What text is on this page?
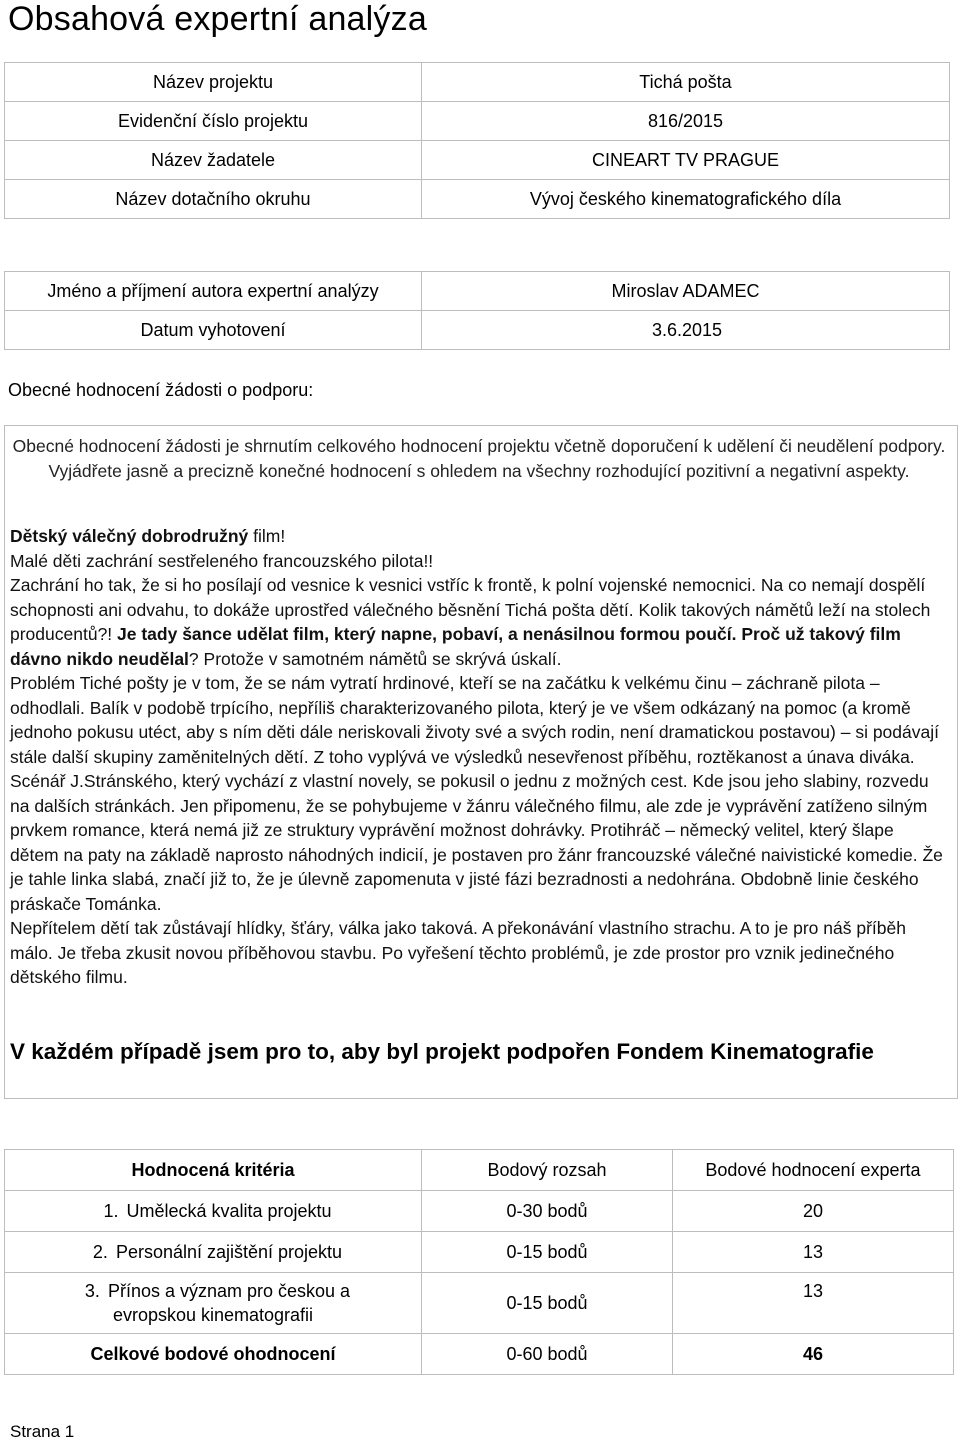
Obsahová expertní analýza
Název projektu	Tichá pošta
Evidenční číslo projektu	816/2015
Název žadatele	CINEART TV PRAGUE
Název dotačního okruhu	Vývoj českého kinematografického díla
Jméno a příjmení autora expertní analýzy	Miroslav ADAMEC
Datum vyhotovení	3.6.2015
Obecné hodnocení žádosti o podporu:
Obecné hodnocení žádosti je shrnutím celkového hodnocení projektu včetně doporučení k udělení či neudělení podpory. Vyjádřete jasně a precizně konečné hodnocení s ohledem na všechny rozhodující pozitivní a negativní aspekty.

Dětský válečný dobrodružný film!

Malé děti zachrání sestřeleného francouzského pilota!!

Zachrání ho tak, že si ho posílají od vesnice k vesnici vstříc k frontě, k polní vojenské nemocnici. Na co nemají dospělí schopnosti ani odvahu, to dokáže uprostřed válečného běsnění Tichá pošta dětí. Kolik takových námětů leží na stolech producentů?! Je tady šance udělat film, který napne, pobaví, a nenásilnou formou poučí. Proč už takový film dávno nikdo neudělal? Protože v samotném námětů se skrývá úskalí.

Problém Tiché pošty je v tom, že se nám vytratí hrdinové, kteří se na začátku k velkému činu – záchraně pilota – odhodlali. Balík v podobě trpícího, nepříliš charakterizovaného pilota, který je ve všem odkázaný na pomoc (a kromě jednoho pokusu utéct, aby s ním děti dále neriskovali životy své a svých rodin, není dramatickou postavou) – si podávají stále další skupiny zaměnitelných dětí. Z toho vyplývá ve výsledků nesevřenost příběhu, roztěkanost a únava diváka.

Scénář J.Stránského, který vychází z vlastní novely, se pokusil o jednu z možných cest. Kde jsou jeho slabiny, rozvedu na dalších stránkách. Jen připomenu, že se pohybujeme v žánru válečného filmu, ale zde je vyprávění zatíženo silným prvkem romance, která nemá již ze struktury vyprávění možnost dohrávky. Protihráč – německý velitel, který šlape dětem na paty na základě naprosto náhodných indicií, je postaven pro žánr francouzské válečné naivistické komedie. Že je tahle linka slabá, značí již to, že je úlevně zapomenuta v jisté fázi bezradnosti a nedohrána. Obdobně linie českého práskače Tománka.

Nepřítelem dětí tak zůstávají hlídky, šťáry, válka jako taková. A překonávání vlastního strachu. A to je pro náš příběh málo. Je třeba zkusit novou příběhovou stavbu. Po vyřešení těchto problémů, je zde prostor pro vznik jedinečného dětského filmu.

V každém případě jsem pro to, aby byl projekt podpořen Fondem Kinematografie
Hodnocená kritéria	Bodový rozsah	Bodové hodnocení experta
1. Umělecká kvalita projektu	0-30 bodů	20
2. Personální zajištění projektu	0-15 bodů	13
3. Přínos a význam pro českou a evropskou kinematografii	0-15 bodů	13
Celkové bodové ohodnocení	0-60 bodů	46
Strana 1
